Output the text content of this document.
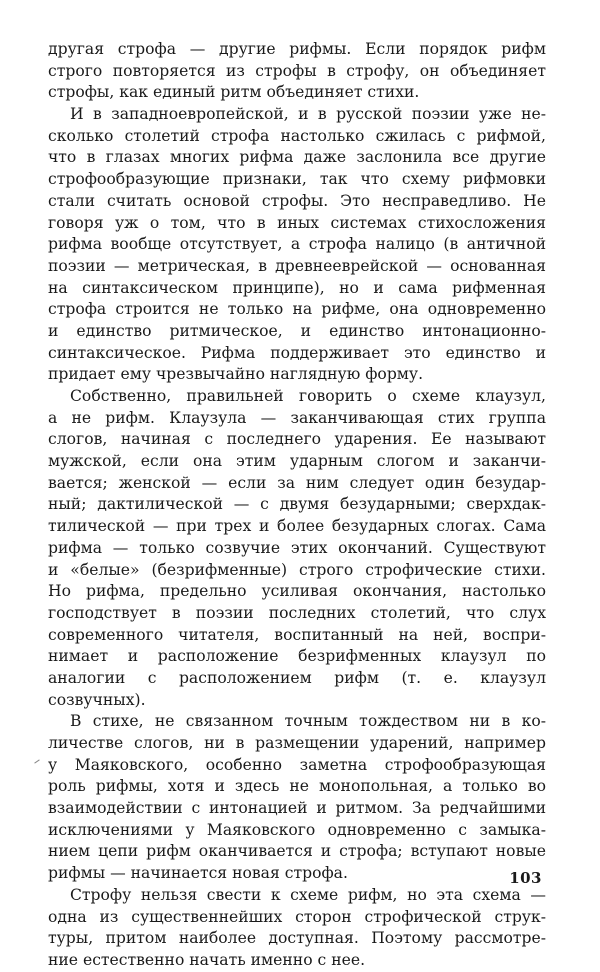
другая строфа — другие рифмы. Если порядок рифм
строго повторяется из строфы в строфу, он объединяет
строфы, как единый ритм объединяет стихи.
И в западноевропейской, и в русской поэзии уже не-
сколько столетий строфа настолько сжилась с рифмой,
что в глазах многих рифма даже заслонила все другие
строфообразующие признаки, так что схему рифмовки
стали считать основой строфы. Это несправедливо. Не
говоря уж о том, что в иных системах стихосложения
рифма вообще отсутствует, а строфа налицо (в античной
поэзии — метрическая, в древнееврейской — основанная
на синтаксическом принципе), но и сама рифменная
строфа строится не только на рифме, она одновременно
и единство ритмическое, и единство интонационно-
синтаксическое. Рифма поддерживает это единство и
придает ему чрезвычайно наглядную форму.
Собственно, правильней говорить о схеме клаузул,
а не рифм. Клаузула — заканчивающая стих группа
слогов, начиная с последнего ударения. Ее называют
мужской, если она этим ударным слогом и заканчи-
вается; женской — если за ним следует один безудар-
ный; дактилической — с двумя безударными; сверхдак-
тилической — при трех и более безударных слогах. Сама
рифма — только созвучие этих окончаний. Существуют
и «белые» (безрифменные) строго строфические стихи.
Но рифма, предельно усиливая окончания, настолько
господствует в поэзии последних столетий, что слух
современного читателя, воспитанный на ней, воспри-
нимает и расположение безрифменных клаузул по
аналогии с расположением рифм (т. е. клаузул
созвучных).
В стихе, не связанном точным тождеством ни в ко-
личестве слогов, ни в размещении ударений, например
у Маяковского, особенно заметна строфообразующая
роль рифмы, хотя и здесь не монопольная, а только во
взаимодействии с интонацией и ритмом. За редчайшими
исключениями у Маяковского одновременно с замыка-
нием цепи рифм оканчивается и строфа; вступают новые
рифмы — начинается новая строфа.
Строфу нельзя свести к схеме рифм, но эта схема —
одна из существеннейших сторон строфической струк-
туры, притом наиболее доступная. Поэтому рассмотре-
ние естественно начать именно с нее.
103
